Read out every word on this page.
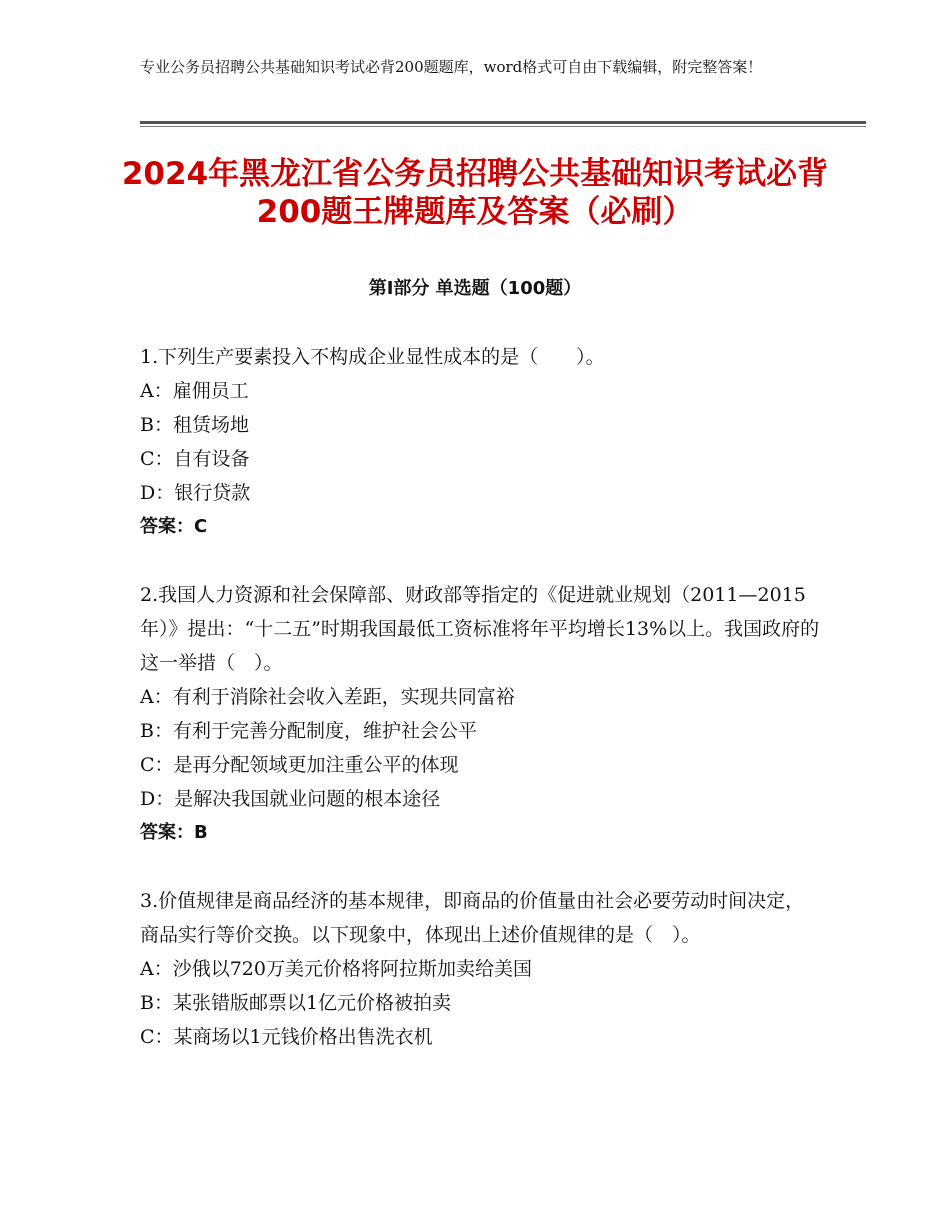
专业公务员招聘公共基础知识考试必背200题题库，word格式可自由下载编辑，附完整答案！
2024年黑龙江省公务员招聘公共基础知识考试必背200题王牌题库及答案（必刷）
第Ⅰ部分 单选题（100题）

1.下列生产要素投入不构成企业显性成本的是（　　）。

A：雇佣员工

B：租赁场地

C：自有设备

D：银行贷款

答案：C

2.我国人力资源和社会保障部、财政部等指定的《促进就业规划（2011—2015年）》提出：“十二五”时期我国最低工资标准将年平均增长13%以上。我国政府的这一举措（　）。

A：有利于消除社会收入差距，实现共同富裕

B：有利于完善分配制度，维护社会公平

C：是再分配领域更加注重公平的体现

D：是解决我国就业问题的根本途径

答案：B

3.价值规律是商品经济的基本规律，即商品的价值量由社会必要劳动时间决定，商品实行等价交换。以下现象中，体现出上述价值规律的是（　）。

A：沙俄以720万美元价格将阿拉斯加卖给美国

B：某张错版邮票以1亿元价格被拍卖

C：某商场以1元钱价格出售洗衣机
